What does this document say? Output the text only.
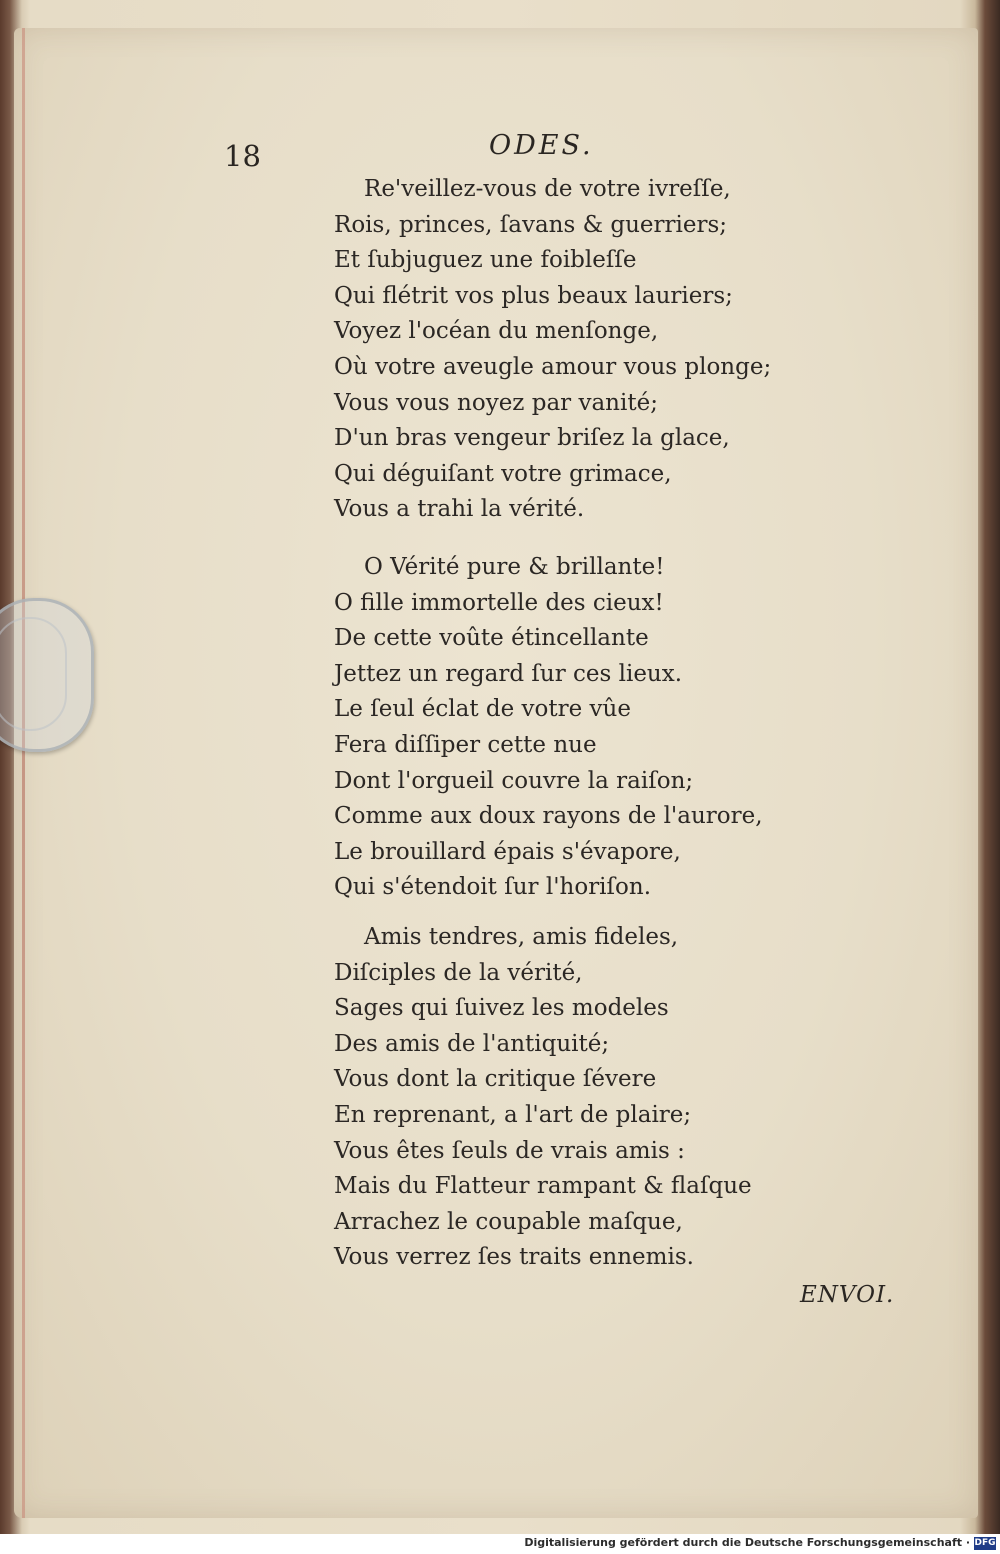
18	ODES.

Re'veillez-vous de votre ivreſſe,
Rois, princes, ſavans & guerriers;
Et ſubjuguez une foibleſſe
Qui flétrit vos plus beaux lauriers;
Voyez l'océan du menſonge,
Où votre aveugle amour vous plonge;
Vous vous noyez par vanité;
D'un bras vengeur briſez la glace,
Qui déguiſant votre grimace,
Vous a trahi la vérité.
O Vérité pure & brillante!
O fille immortelle des cieux!
De cette voûte étincellante
Jettez un regard ſur ces lieux.
Le ſeul éclat de votre vûe
Fera diſſiper cette nue
Dont l'orgueil couvre la raiſon;
Comme aux doux rayons de l'aurore,
Le brouillard épais s'évapore,
Qui s'étendoit ſur l'horiſon.
Amis tendres, amis fideles,
Diſciples de la vérité,
Sages qui ſuivez les modeles
Des amis de l'antiquité;
Vous dont la critique ſévere
En reprenant, a l'art de plaire;
Vous êtes ſeuls de vrais amis :
Mais du Flatteur rampant & flaſque
Arrachez le coupable maſque,
Vous verrez ſes traits ennemis.

ENVOI.

Digitalisierung gefördert durch die Deutsche Forschungsgemeinschaft · DFG
